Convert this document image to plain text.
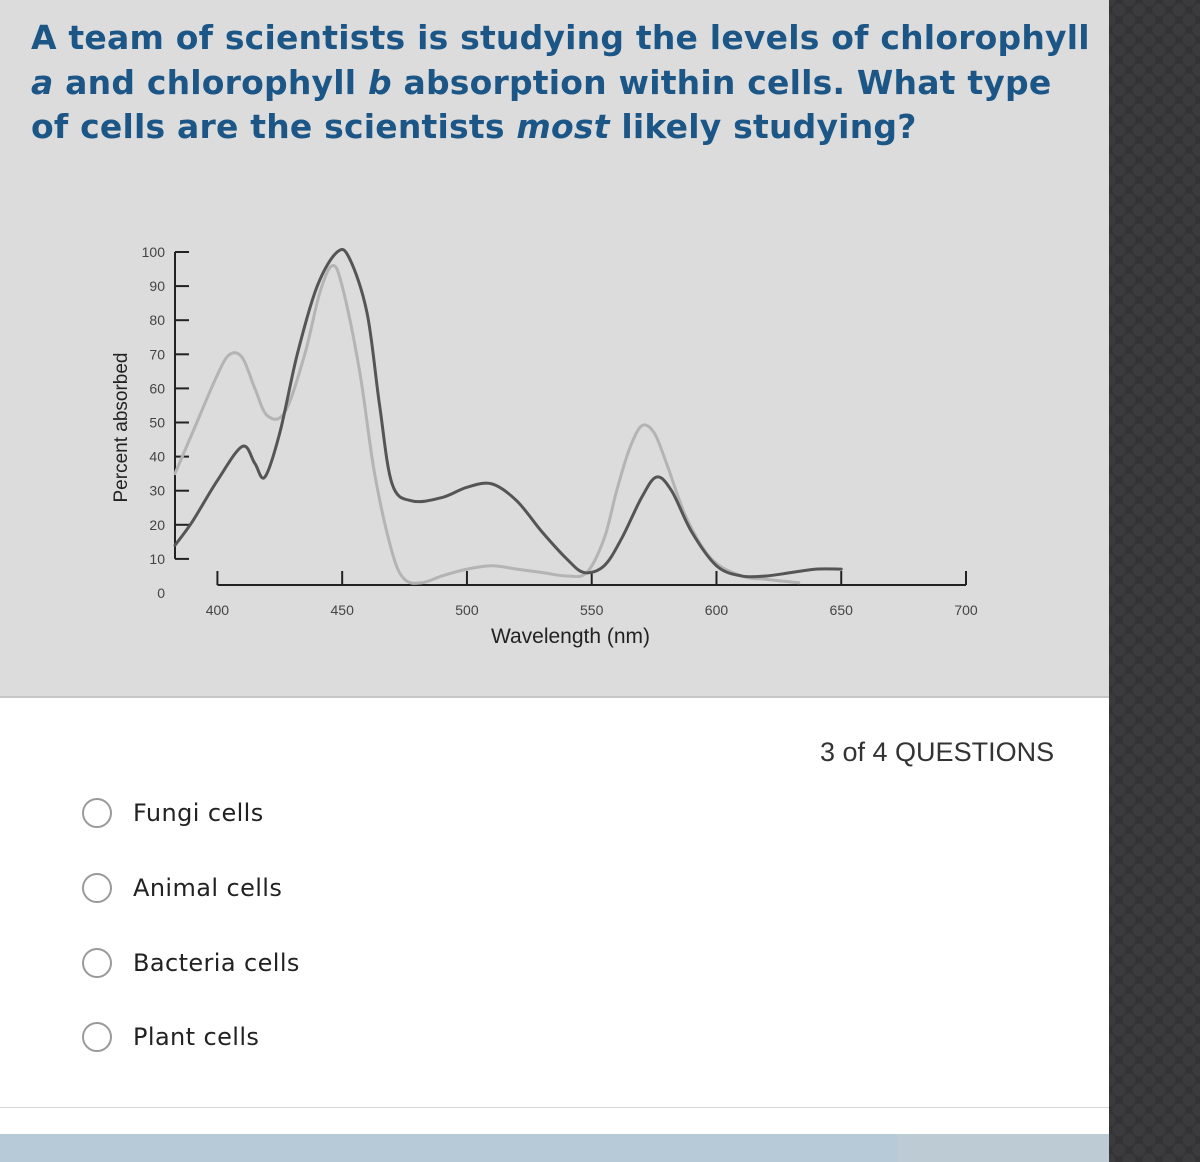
A team of scientists is studying the levels of chlorophyll a and chlorophyll b absorption within cells. What type of cells are the scientists most likely studying?

0
10
20
30
40
50
60
70
80
90
100
400	450	500	550	600	650	700
Wavelength (nm)
Percent absorbed
3 of 4 QUESTIONS
Fungi cells
Animal cells
Bacteria cells
Plant cells
